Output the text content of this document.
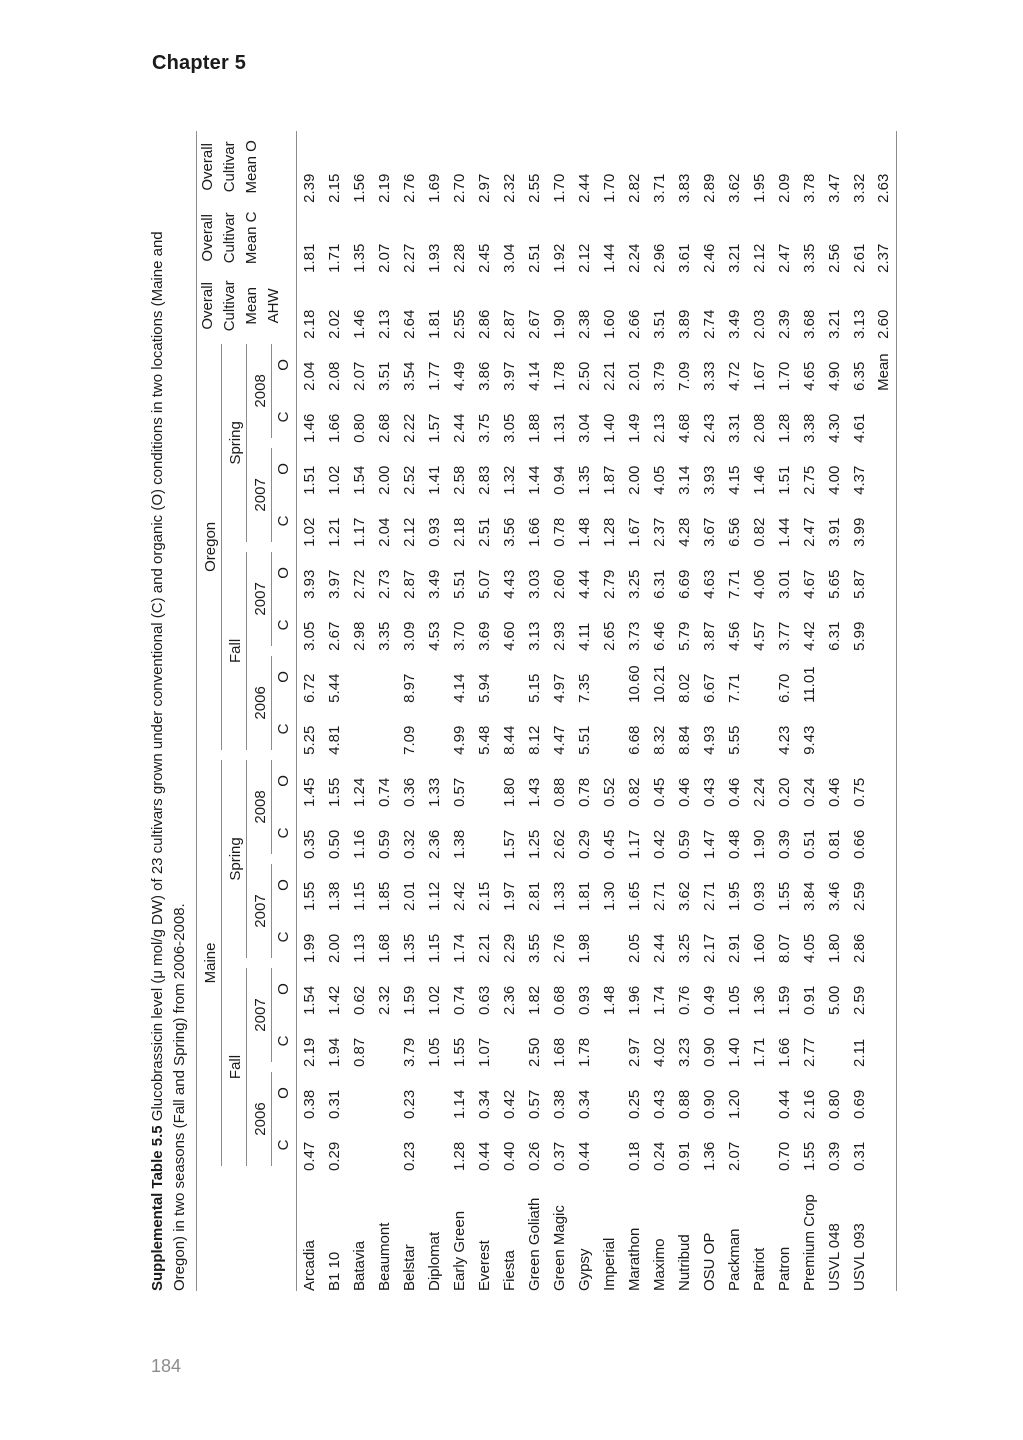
Chapter 5
Supplemental Table 5.5 Glucobrassicin level (μ mol/g DW) of 23 cultivars grown under conventional (C) and organic (O) conditions in two locations (Maine and Oregon) in two seasons (Fall and Spring) from 2006-2008.

	Maine								Oregon								Overall Cultivar Mean AHW	Overall Cultivar Mean C	Overall Cultivar Mean O

	Fall				Spring				Fall				Spring						

	2006		2007		2007		2008		2006		2007		2007		2008				

	C	O	C	O	C	O	C	O	C	O	C	O	C	O	C	O			
Arcadia	0.47	0.38	2.19	1.54	1.99	1.55	0.35	1.45	5.25	6.72	3.05	3.93	1.02	1.51	1.46	2.04	2.18	1.81	2.39
B1 10	0.29	0.31	1.94	1.42	2.00	1.38	0.50	1.55	4.81	5.44	2.67	3.97	1.21	1.02	1.66	2.08	2.02	1.71	2.15
Batavia			0.87	0.62	1.13	1.15	1.16	1.24			2.98	2.72	1.17	1.54	0.80	2.07	1.46	1.35	1.56
Beaumont				2.32	1.68	1.85	0.59	0.74			3.35	2.73	2.04	2.00	2.68	3.51	2.13	2.07	2.19
Belstar	0.23	0.23	3.79	1.59	1.35	2.01	0.32	0.36	7.09	8.97	3.09	2.87	2.12	2.52	2.22	3.54	2.64	2.27	2.76
Diplomat			1.05	1.02	1.15	1.12	2.36	1.33			4.53	3.49	0.93	1.41	1.57	1.77	1.81	1.93	1.69
Early Green	1.28	1.14	1.55	0.74	1.74	2.42	1.38	0.57	4.99	4.14	3.70	5.51	2.18	2.58	2.44	4.49	2.55	2.28	2.70
Everest	0.44	0.34	1.07	0.63	2.21	2.15			5.48	5.94	3.69	5.07	2.51	2.83	3.75	3.86	2.86	2.45	2.97
Fiesta	0.40	0.42		2.36	2.29	1.97	1.57	1.80	8.44		4.60	4.43	3.56	1.32	3.05	3.97	2.87	3.04	2.32
Green Goliath	0.26	0.57	2.50	1.82	3.55	2.81	1.25	1.43	8.12	5.15	3.13	3.03	1.66	1.44	1.88	4.14	2.67	2.51	2.55
Green Magic	0.37	0.38	1.68	0.68	2.76	1.33	2.62	0.88	4.47	4.97	2.93	2.60	0.78	0.94	1.31	1.78	1.90	1.92	1.70
Gypsy	0.44	0.34	1.78	0.93	1.98	1.81	0.29	0.78	5.51	7.35	4.11	4.44	1.48	1.35	3.04	2.50	2.38	2.12	2.44
Imperial				1.48		1.30	0.45	0.52			2.65	2.79	1.28	1.87	1.40	2.21	1.60	1.44	1.70
Marathon	0.18	0.25	2.97	1.96	2.05	1.65	1.17	0.82	6.68	10.60	3.73	3.25	1.67	2.00	1.49	2.01	2.66	2.24	2.82
Maximo	0.24	0.43	4.02	1.74	2.44	2.71	0.42	0.45	8.32	10.21	6.46	6.31	2.37	4.05	2.13	3.79	3.51	2.96	3.71
Nutribud	0.91	0.88	3.23	0.76	3.25	3.62	0.59	0.46	8.84	8.02	5.79	6.69	4.28	3.14	4.68	7.09	3.89	3.61	3.83
OSU OP	1.36	0.90	0.90	0.49	2.17	2.71	1.47	0.43	4.93	6.67	3.87	4.63	3.67	3.93	2.43	3.33	2.74	2.46	2.89
Packman	2.07	1.20	1.40	1.05	2.91	1.95	0.48	0.46	5.55	7.71	4.56	7.71	6.56	4.15	3.31	4.72	3.49	3.21	3.62
Patriot			1.71	1.36	1.60	0.93	1.90	2.24			4.57	4.06	0.82	1.46	2.08	1.67	2.03	2.12	1.95
Patron	0.70	0.44	1.66	1.59	8.07	1.55	0.39	0.20	4.23	6.70	3.77	3.01	1.44	1.51	1.28	1.70	2.39	2.47	2.09
Premium Crop	1.55	2.16	2.77	0.91	4.05	3.84	0.51	0.24	9.43	11.01	4.42	4.67	2.47	2.75	3.38	4.65	3.68	3.35	3.78
USVL 048	0.39	0.80		5.00	1.80	3.46	0.81	0.46			6.31	5.65	3.91	4.00	4.30	4.90	3.21	2.56	3.47
USVL 093	0.31	0.69	2.11	2.59	2.86	2.59	0.66	0.75			5.99	5.87	3.99	4.37	4.61	6.35	3.13	2.61	3.32
																Mean	2.60	2.37	2.63
184
